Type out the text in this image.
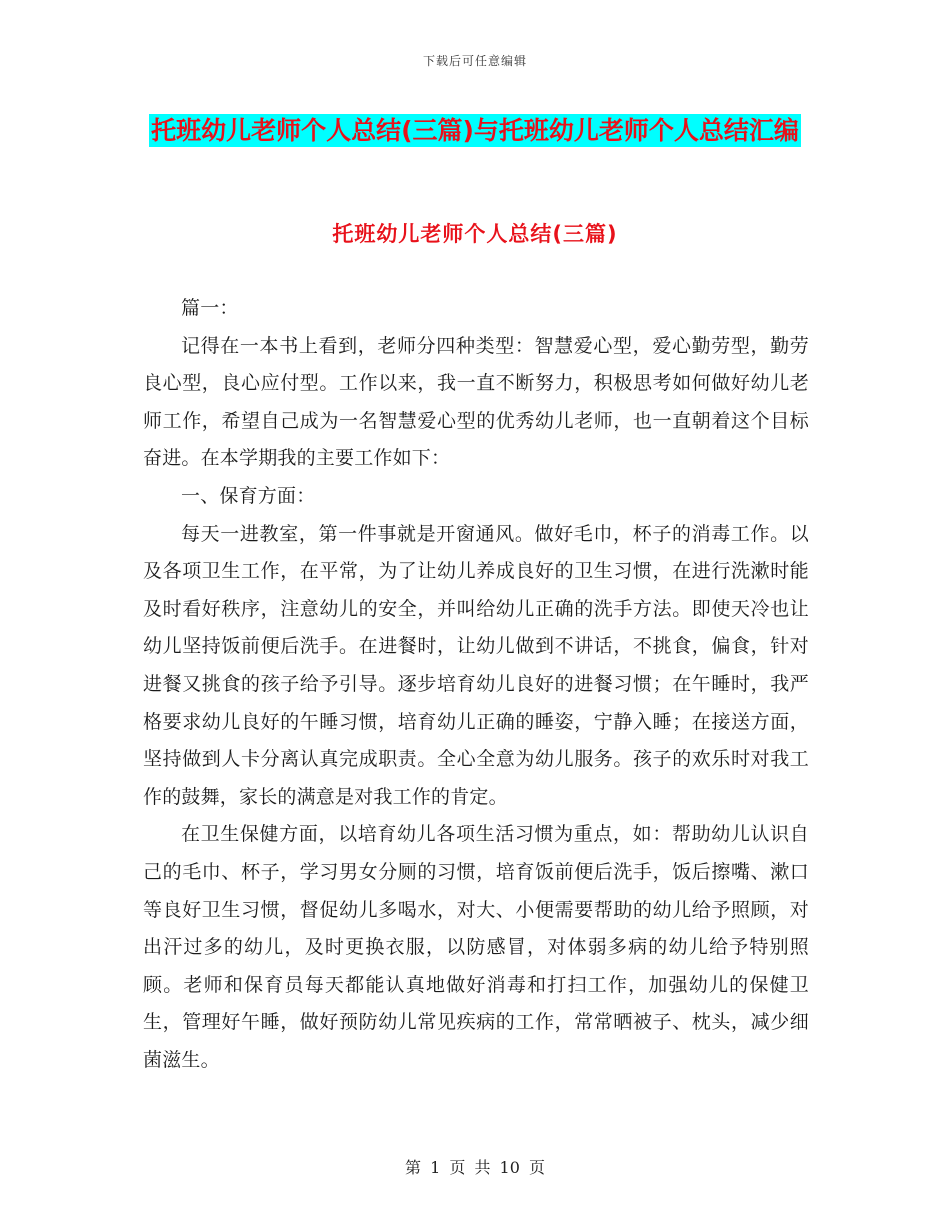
下载后可任意编辑
托班幼儿老师个人总结(三篇)与托班幼儿老师个人总结汇编
托班幼儿老师个人总结(三篇)

篇一：

记得在一本书上看到，老师分四种类型：智慧爱心型，爱心勤劳型，勤劳良心型，良心应付型。工作以来，我一直不断努力，积极思考如何做好幼儿老师工作，希望自己成为一名智慧爱心型的优秀幼儿老师，也一直朝着这个目标奋进。在本学期我的主要工作如下：

一、保育方面：

每天一进教室，第一件事就是开窗通风。做好毛巾，杯子的消毒工作。以及各项卫生工作，在平常，为了让幼儿养成良好的卫生习惯，在进行洗漱时能及时看好秩序，注意幼儿的安全，并叫给幼儿正确的洗手方法。即使天冷也让幼儿坚持饭前便后洗手。在进餐时，让幼儿做到不讲话，不挑食，偏食，针对进餐又挑食的孩子给予引导。逐步培育幼儿良好的进餐习惯；在午睡时，我严格要求幼儿良好的午睡习惯，培育幼儿正确的睡姿，宁静入睡；在接送方面，坚持做到人卡分离认真完成职责。全心全意为幼儿服务。孩子的欢乐时对我工作的鼓舞，家长的满意是对我工作的肯定。

在卫生保健方面，以培育幼儿各项生活习惯为重点，如：帮助幼儿认识自己的毛巾、杯子，学习男女分厕的习惯，培育饭前便后洗手，饭后擦嘴、漱口等良好卫生习惯，督促幼儿多喝水，对大、小便需要帮助的幼儿给予照顾，对出汗过多的幼儿，及时更换衣服，以防感冒，对体弱多病的幼儿给予特别照顾。老师和保育员每天都能认真地做好消毒和打扫工作，加强幼儿的保健卫生，管理好午睡，做好预防幼儿常见疾病的工作，常常晒被子、枕头，减少细菌滋生。

第 1 页 共 10 页
